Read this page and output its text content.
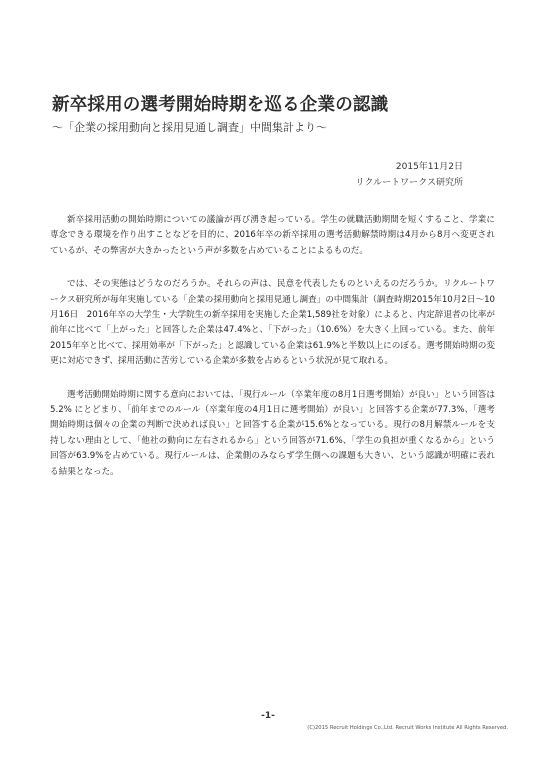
新卒採用の選考開始時期を巡る企業の認識
～「企業の採用動向と採用見通し調査」中間集計より～
2015年11月2日
リクルートワークス研究所

新卒採用活動の開始時期についての議論が再び湧き起っている。学生の就職活動期間を短くすること、学業に専念できる環境を作り出すことなどを目的に、2016年卒の新卒採用の選考活動解禁時期は4月から8月へ変更されているが、その弊害が大きかったという声が多数を占めていることによるものだ。

では、その実態はどうなのだろうか。それらの声は、民意を代表したものといえるのだろうか。リクルートワークス研究所が毎年実施している「企業の採用動向と採用見通し調査」の中間集計（調査時期2015年10月2日～10月16日　2016年卒の大学生・大学院生の新卒採用を実施した企業1,589社を対象）によると、内定辞退者の比率が前年に比べて「上がった」と回答した企業は47.4%と、「下がった」（10.6%）を大きく上回っている。また、前年2015年卒と比べて、採用効率が「下がった」と認識している企業は61.9%と半数以上にのぼる。選考開始時期の変更に対応できず、採用活動に苦労している企業が多数を占めるという状況が見て取れる。

選考活動開始時期に関する意向においては、「現行ルール（卒業年度の8月1日選考開始）が良い」という回答は5.2% にとどまり、「前年までのルール（卒業年度の4月1日に選考開始）が良い」と回答する企業が77.3%、「選考開始時期は個々の企業の判断で決めれば良い」と回答する企業が15.6%となっている。現行の8月解禁ルールを支持しない理由として、「他社の動向に左右されるから」という回答が71.6%、「学生の負担が重くなるから」という回答が63.9%を占めている。現行ルールは、企業側のみならず学生側への課題も大きい、という認識が明確に表れる結果となった。

-1-
(C)2015 Recruit Holdings Co.,Ltd. Recruit Works Institute All Rights Reserved.
